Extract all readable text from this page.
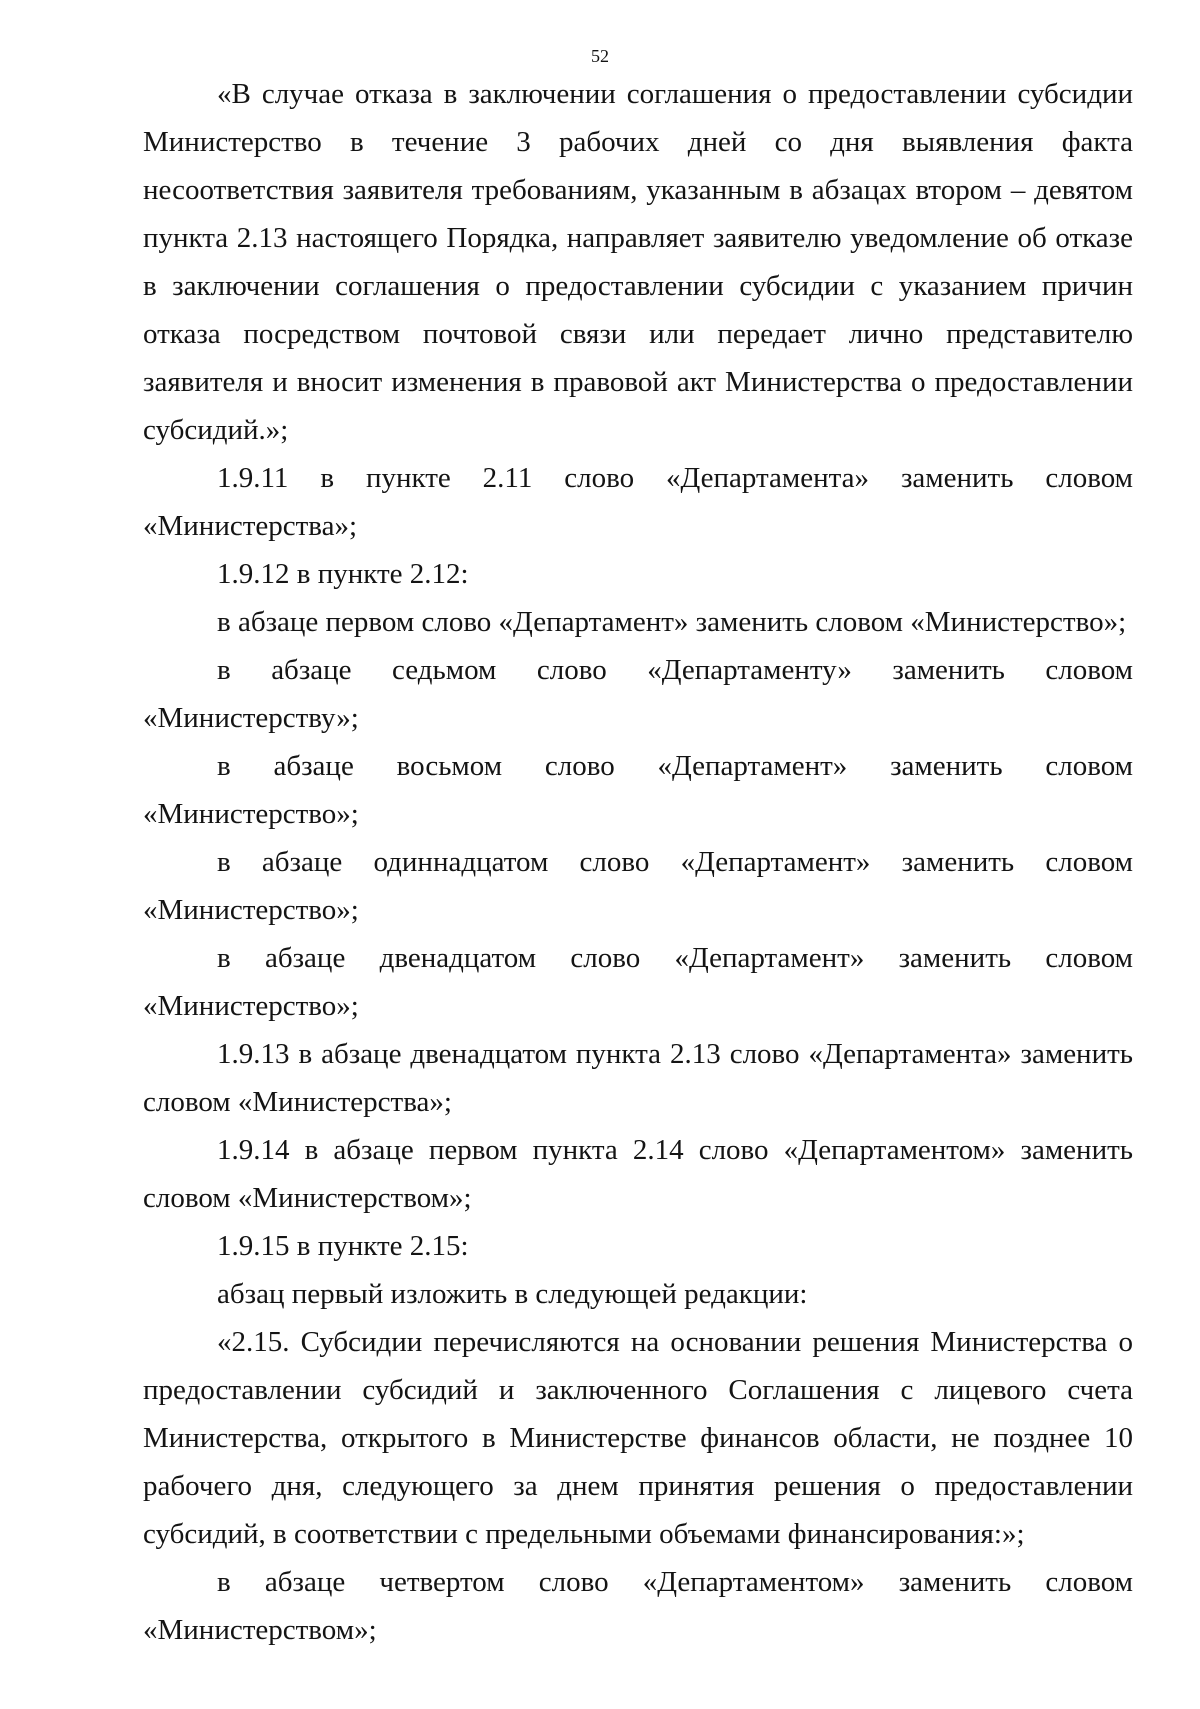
52

«В случае отказа в заключении соглашения о предоставлении субсидии Министерство в течение 3 рабочих дней со дня выявления факта несоответствия заявителя требованиям, указанным в абзацах втором – девятом пункта 2.13 настоящего Порядка, направляет заявителю уведомление об отказе в заключении соглашения о предоставлении субсидии с указанием причин отказа посредством почтовой связи или передает лично представителю заявителя и вносит изменения в правовой акт Министерства о предоставлении субсидий.»;

1.9.11 в пункте 2.11 слово «Департамента» заменить словом «Министерства»;

1.9.12 в пункте 2.12:

в абзаце первом слово «Департамент» заменить словом «Министерство»;

в абзаце седьмом слово «Департаменту» заменить словом «Министерству»;

в абзаце восьмом слово «Департамент» заменить словом «Министерство»;

в абзаце одиннадцатом слово «Департамент» заменить словом «Министерство»;

в абзаце двенадцатом слово «Департамент» заменить словом «Министерство»;

1.9.13 в абзаце двенадцатом пункта 2.13 слово «Департамента» заменить словом «Министерства»;

1.9.14 в абзаце первом пункта 2.14 слово «Департаментом» заменить словом «Министерством»;

1.9.15 в пункте 2.15:

абзац первый изложить в следующей редакции:

«2.15. Субсидии перечисляются на основании решения Министерства о предоставлении субсидий и заключенного Соглашения с лицевого счета Министерства, открытого в Министерстве финансов области, не позднее 10 рабочего дня, следующего за днем принятия решения о предоставлении субсидий, в соответствии с предельными объемами финансирования:»;

в абзаце четвертом слово «Департаментом» заменить словом «Министерством»;
